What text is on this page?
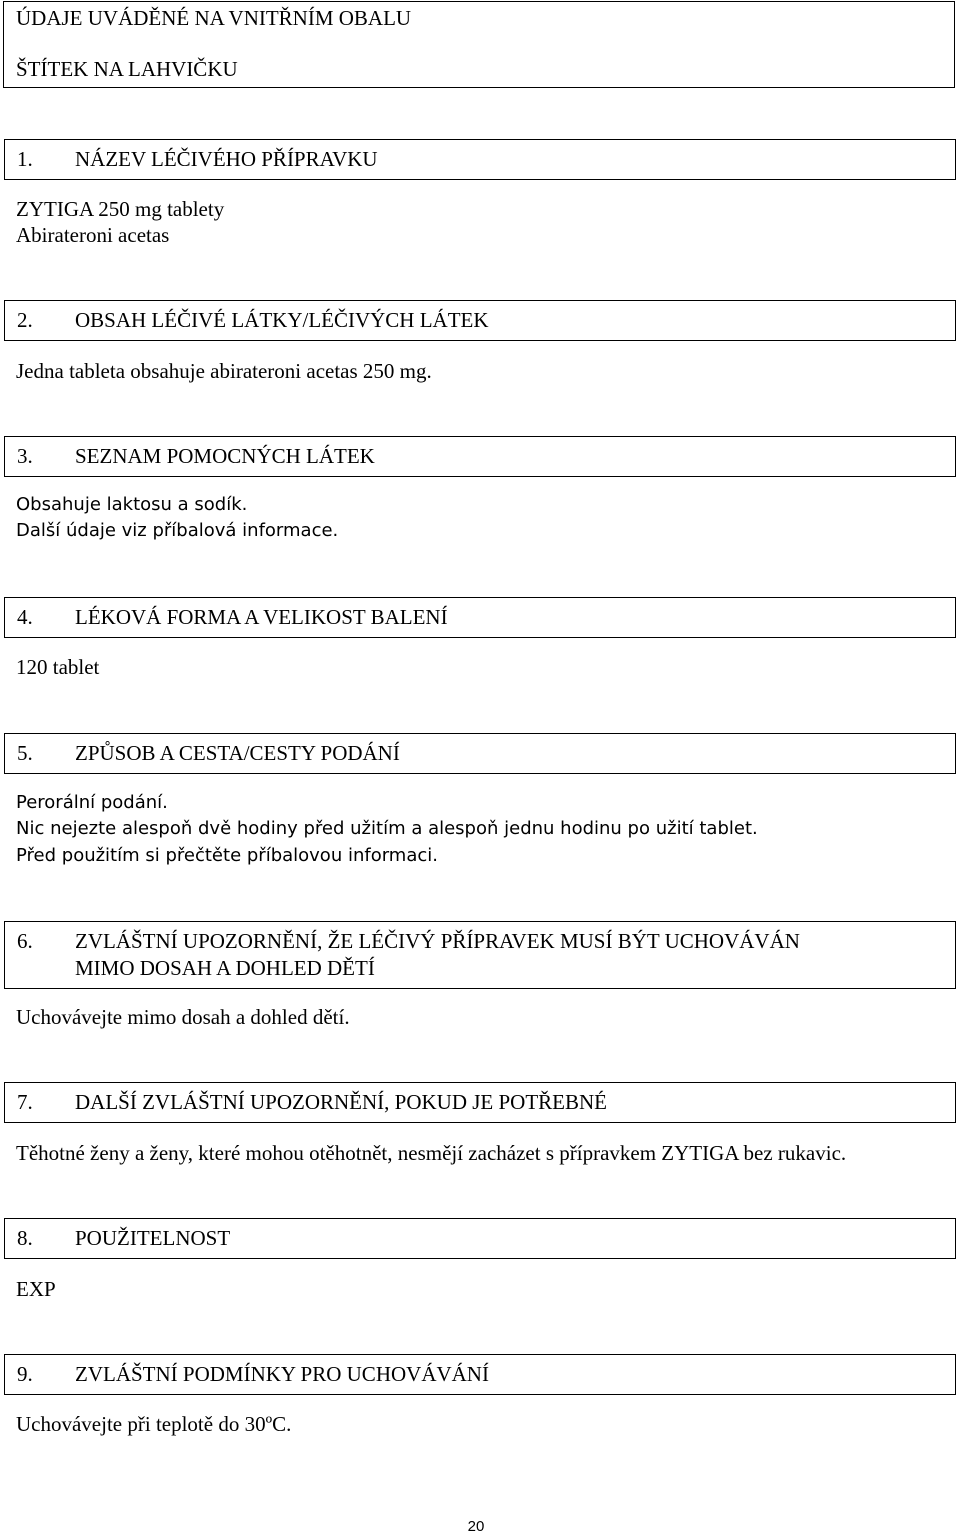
ÚDAJE UVÁDĚNÉ NA VNITŘNÍM OBALU
ŠTÍTEK NA LAHVIČKU
1.	NÁZEV LÉČIVÉHO PŘÍPRAVKU
ZYTIGA 250 mg tablety
Abirateroni acetas
2.	OBSAH LÉČIVÉ LÁTKY/LÉČIVÝCH LÁTEK
Jedna tableta obsahuje abirateroni acetas 250 mg.
3.	SEZNAM POMOCNÝCH LÁTEK
Obsahuje laktosu a sodík.
Další údaje viz příbalová informace.
4.	LÉKOVÁ FORMA A VELIKOST BALENÍ
120 tablet
5.	ZPŮSOB A CESTA/CESTY PODÁNÍ
Perorální podání.
Nic nejezte alespoň dvě hodiny před užitím a alespoň jednu hodinu po užití tablet.
Před použitím si přečtěte příbalovou informaci.
6.	ZVLÁŠTNÍ UPOZORNĚNÍ, ŽE LÉČIVÝ PŘÍPRAVEK MUSÍ BÝT UCHOVÁVÁN
MIMO DOSAH A DOHLED DĚTÍ
Uchovávejte mimo dosah a dohled dětí.
7.	DALŠÍ ZVLÁŠTNÍ UPOZORNĚNÍ, POKUD JE POTŘEBNÉ
Těhotné ženy a ženy, které mohou otěhotnět, nesmějí zacházet s přípravkem ZYTIGA bez rukavic.
8.	POUŽITELNOST
EXP
9.	ZVLÁŠTNÍ PODMÍNKY PRO UCHOVÁVÁNÍ
Uchovávejte při teplotě do 30ºC.
20
